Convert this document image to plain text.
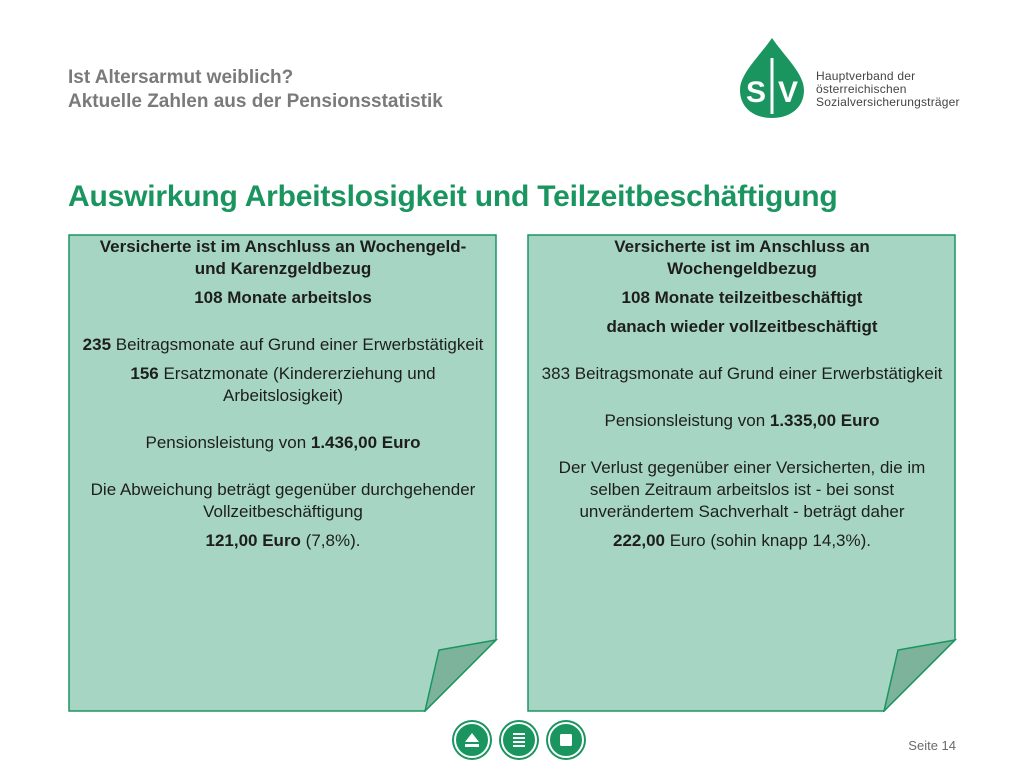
Ist Altersarmut weiblich?
Aktuelle Zahlen aus der Pensionsstatistik	S V Hauptverband der
österreichischen
Sozialversicherungsträger
Auswirkung Arbeitslosigkeit und Teilzeitbeschäftigung

Versicherte ist im Anschluss an Wochengeld- und Karenzgeldbezug

108 Monate arbeitslos

235 Beitragsmonate auf Grund einer Erwerbstätigkeit

156 Ersatzmonate (Kindererziehung und Arbeitslosigkeit)

Pensionsleistung von 1.436,00 Euro

Die Abweichung beträgt gegenüber durchgehender Vollzeitbeschäftigung

121,00 Euro (7,8%).

Versicherte ist im Anschluss an Wochengeldbezug

108 Monate teilzeitbeschäftigt

danach wieder vollzeitbeschäftigt

383 Beitragsmonate auf Grund einer Erwerbstätigkeit

Pensionsleistung von 1.335,00 Euro

Der Verlust gegenüber einer Versicherten, die im selben Zeitraum arbeitslos ist - bei sonst unverändertem Sachverhalt - beträgt daher

222,00 Euro (sohin knapp 14,3%).

Seite 14
